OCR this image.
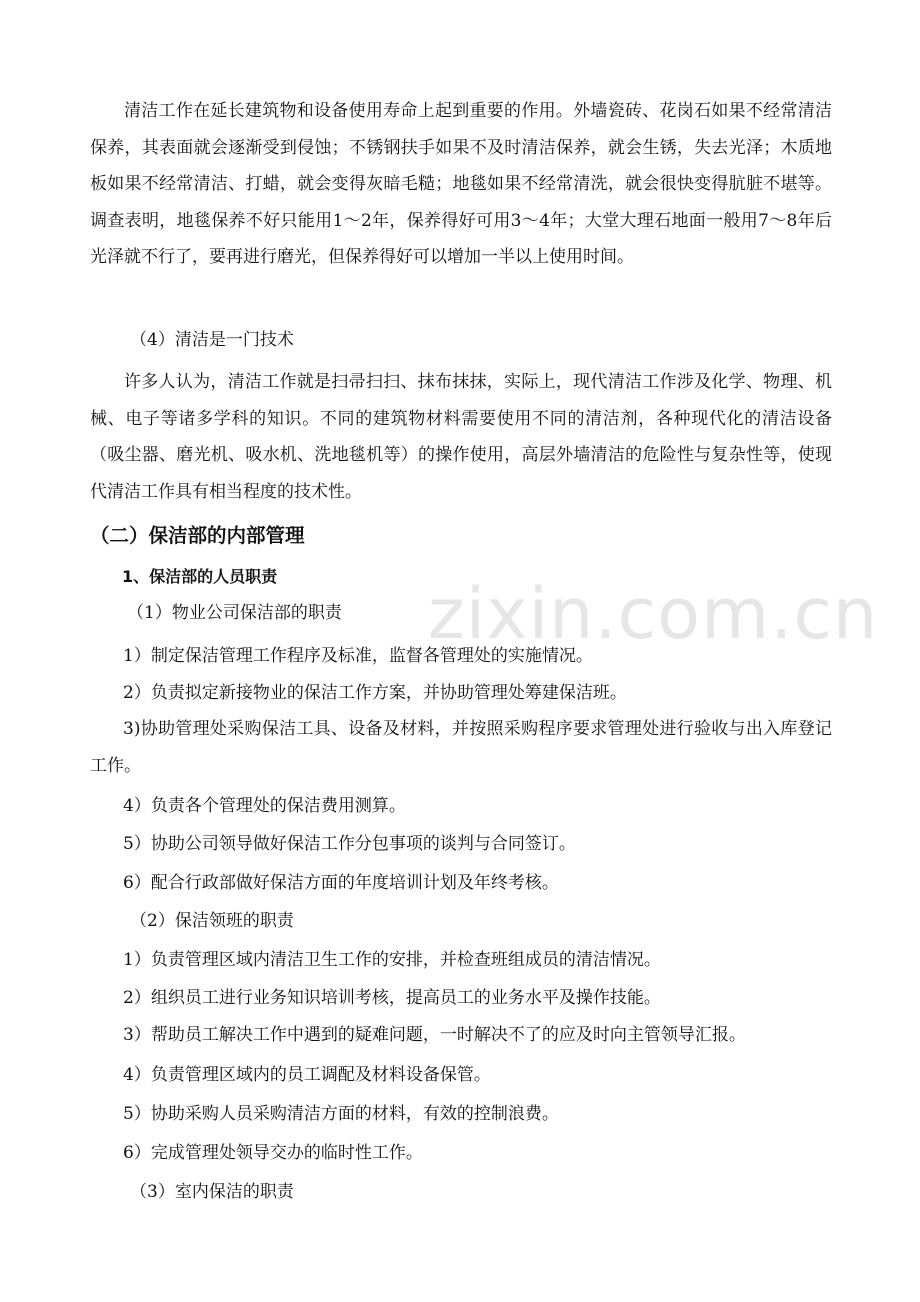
清洁工作在延长建筑物和设备使用寿命上起到重要的作用。外墙瓷砖、花岗石如果不经常清洁保养，其表面就会逐渐受到侵蚀；不锈钢扶手如果不及时清洁保养，就会生锈，失去光泽；木质地板如果不经常清洁、打蜡，就会变得灰暗毛糙；地毯如果不经常清洗，就会很快变得肮脏不堪等。调查表明，地毯保养不好只能用1～2年，保养得好可用3～4年；大堂大理石地面一般用7～8年后光泽就不行了，要再进行磨光，但保养得好可以增加一半以上使用时间。

（4）清洁是一门技术

许多人认为，清洁工作就是扫帚扫扫、抹布抹抹，实际上，现代清洁工作涉及化学、物理、机械、电子等诸多学科的知识。不同的建筑物材料需要使用不同的清洁剂，各种现代化的清洁设备（吸尘器、磨光机、吸水机、洗地毯机等）的操作使用，高层外墙清洁的危险性与复杂性等，使现代清洁工作具有相当程度的技术性。

（二）保洁部的内部管理
1、保洁部的人员职责
（1）物业公司保洁部的职责
1）制定保洁管理工作程序及标准，监督各管理处的实施情况。
2）负责拟定新接物业的保洁工作方案，并协助管理处筹建保洁班。

3)协助管理处采购保洁工具、设备及材料，并按照采购程序要求管理处进行验收与出入库登记工作。

4）负责各个管理处的保洁费用测算。
5）协助公司领导做好保洁工作分包事项的谈判与合同签订。
6）配合行政部做好保洁方面的年度培训计划及年终考核。
（2）保洁领班的职责
1）负责管理区域内清洁卫生工作的安排，并检查班组成员的清洁情况。
2）组织员工进行业务知识培训考核，提高员工的业务水平及操作技能。
3）帮助员工解决工作中遇到的疑难问题，一时解决不了的应及时向主管领导汇报。
4）负责管理区域内的员工调配及材料设备保管。
5）协助采购人员采购清洁方面的材料，有效的控制浪费。
6）完成管理处领导交办的临时性工作。
（3）室内保洁的职责
zixin.com.cn
